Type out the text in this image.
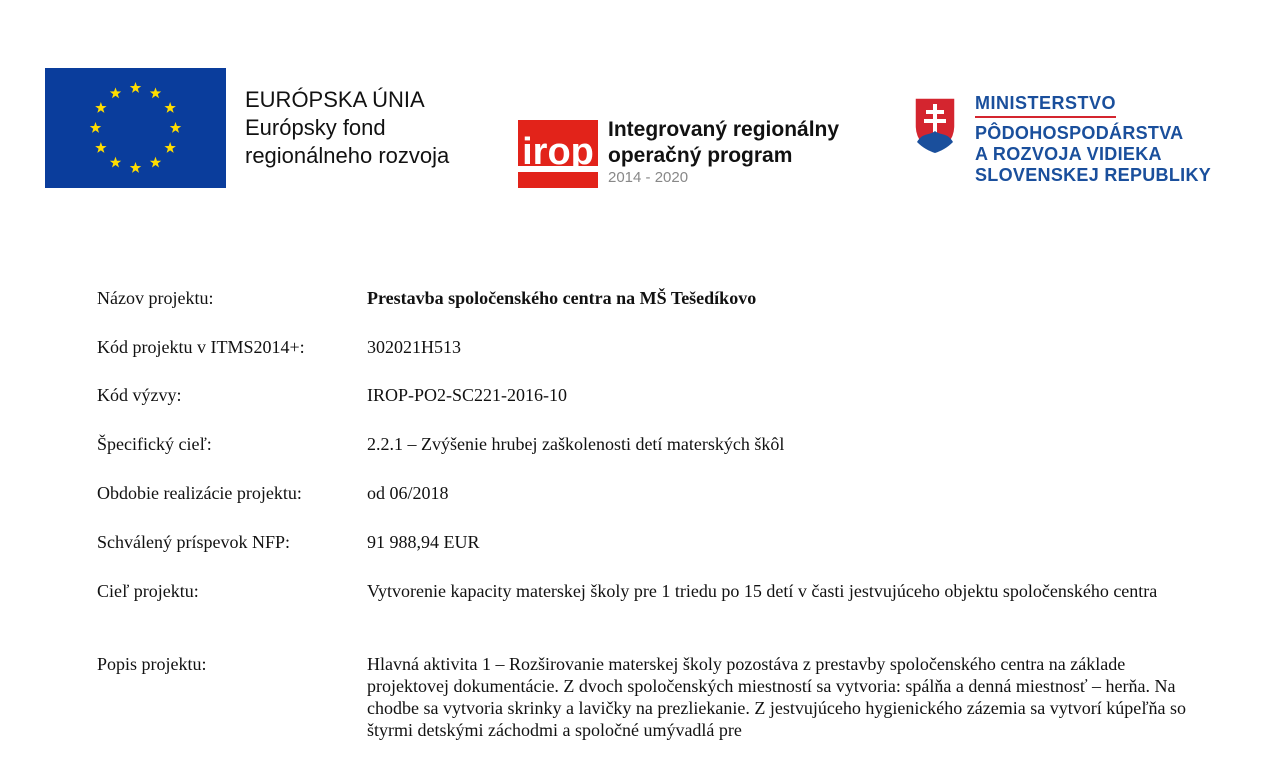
EURÓPSKA ÚNIA
Európsky fond
regionálneho rozvoja irop
Integrovaný regionálny
operačný program
2014 - 2020
MINISTERSTVO
PÔDOHOSPODÁRSTVA
A ROZVOJA VIDIEKA
SLOVENSKEJ REPUBLIKY
Názov projektu:	Prestavba spoločenského centra na MŠ Tešedíkovo
Kód projektu v ITMS2014+:	302021H513
Kód výzvy:	IROP-PO2-SC221-2016-10
Špecifický cieľ:	2.2.1 – Zvýšenie hrubej zaškolenosti detí materských škôl
Obdobie realizácie projektu:	od 06/2018
Schválený príspevok NFP:	91 988,94 EUR
Cieľ projektu:	Vytvorenie kapacity materskej školy pre 1 triedu po 15 detí v časti jestvujúceho objektu spoločenského centra
Popis projektu:	Hlavná aktivita 1 – Rozširovanie materskej školy pozostáva z prestavby spoločenského centra na základe projektovej dokumentácie. Z dvoch spoločenských miestností sa vytvoria: spálňa a denná miestnosť – herňa. Na chodbe sa vytvoria skrinky a lavičky na prezliekanie. Z jestvujúceho hygienického zázemia sa vytvorí kúpeľňa so štyrmi detskými záchodmi a spoločné umývadlá pre
